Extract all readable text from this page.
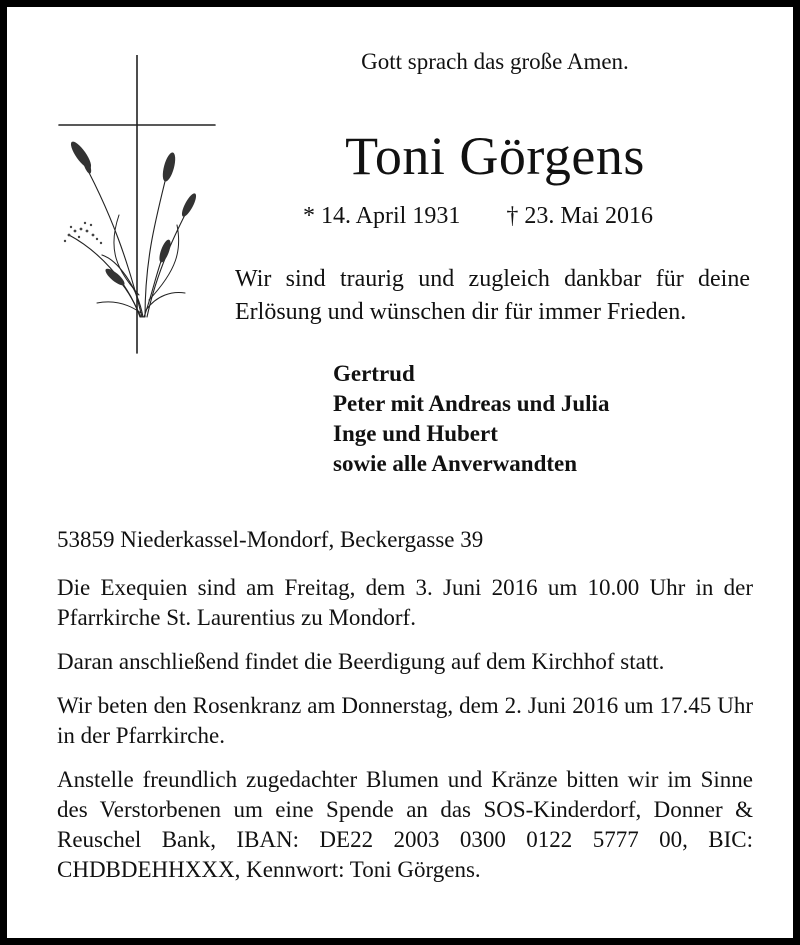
Gott sprach das große Amen.
Toni Görgens
* 14. April 1931 † 23. Mai 2016
Wir sind traurig und zugleich dankbar für deine Erlösung und wünschen dir für immer Frieden.
Gertrud
Peter mit Andreas und Julia
Inge und Hubert
sowie alle Anverwandten

53859 Niederkassel-Mondorf, Beckergasse 39

Die Exequien sind am Freitag, dem 3. Juni 2016 um 10.00 Uhr in der Pfarrkirche St. Laurentius zu Mondorf.

Daran anschließend findet die Beerdigung auf dem Kirchhof statt.

Wir beten den Rosenkranz am Donnerstag, dem 2. Juni 2016 um 17.45 Uhr in der Pfarrkirche.

Anstelle freundlich zugedachter Blumen und Kränze bitten wir im Sinne des Verstorbenen um eine Spende an das SOS-Kinderdorf, Donner & Reuschel Bank, IBAN: DE22 2003 0300 0122 5777 00, BIC: CHDBDEHHXXX, Kennwort: Toni Görgens.
